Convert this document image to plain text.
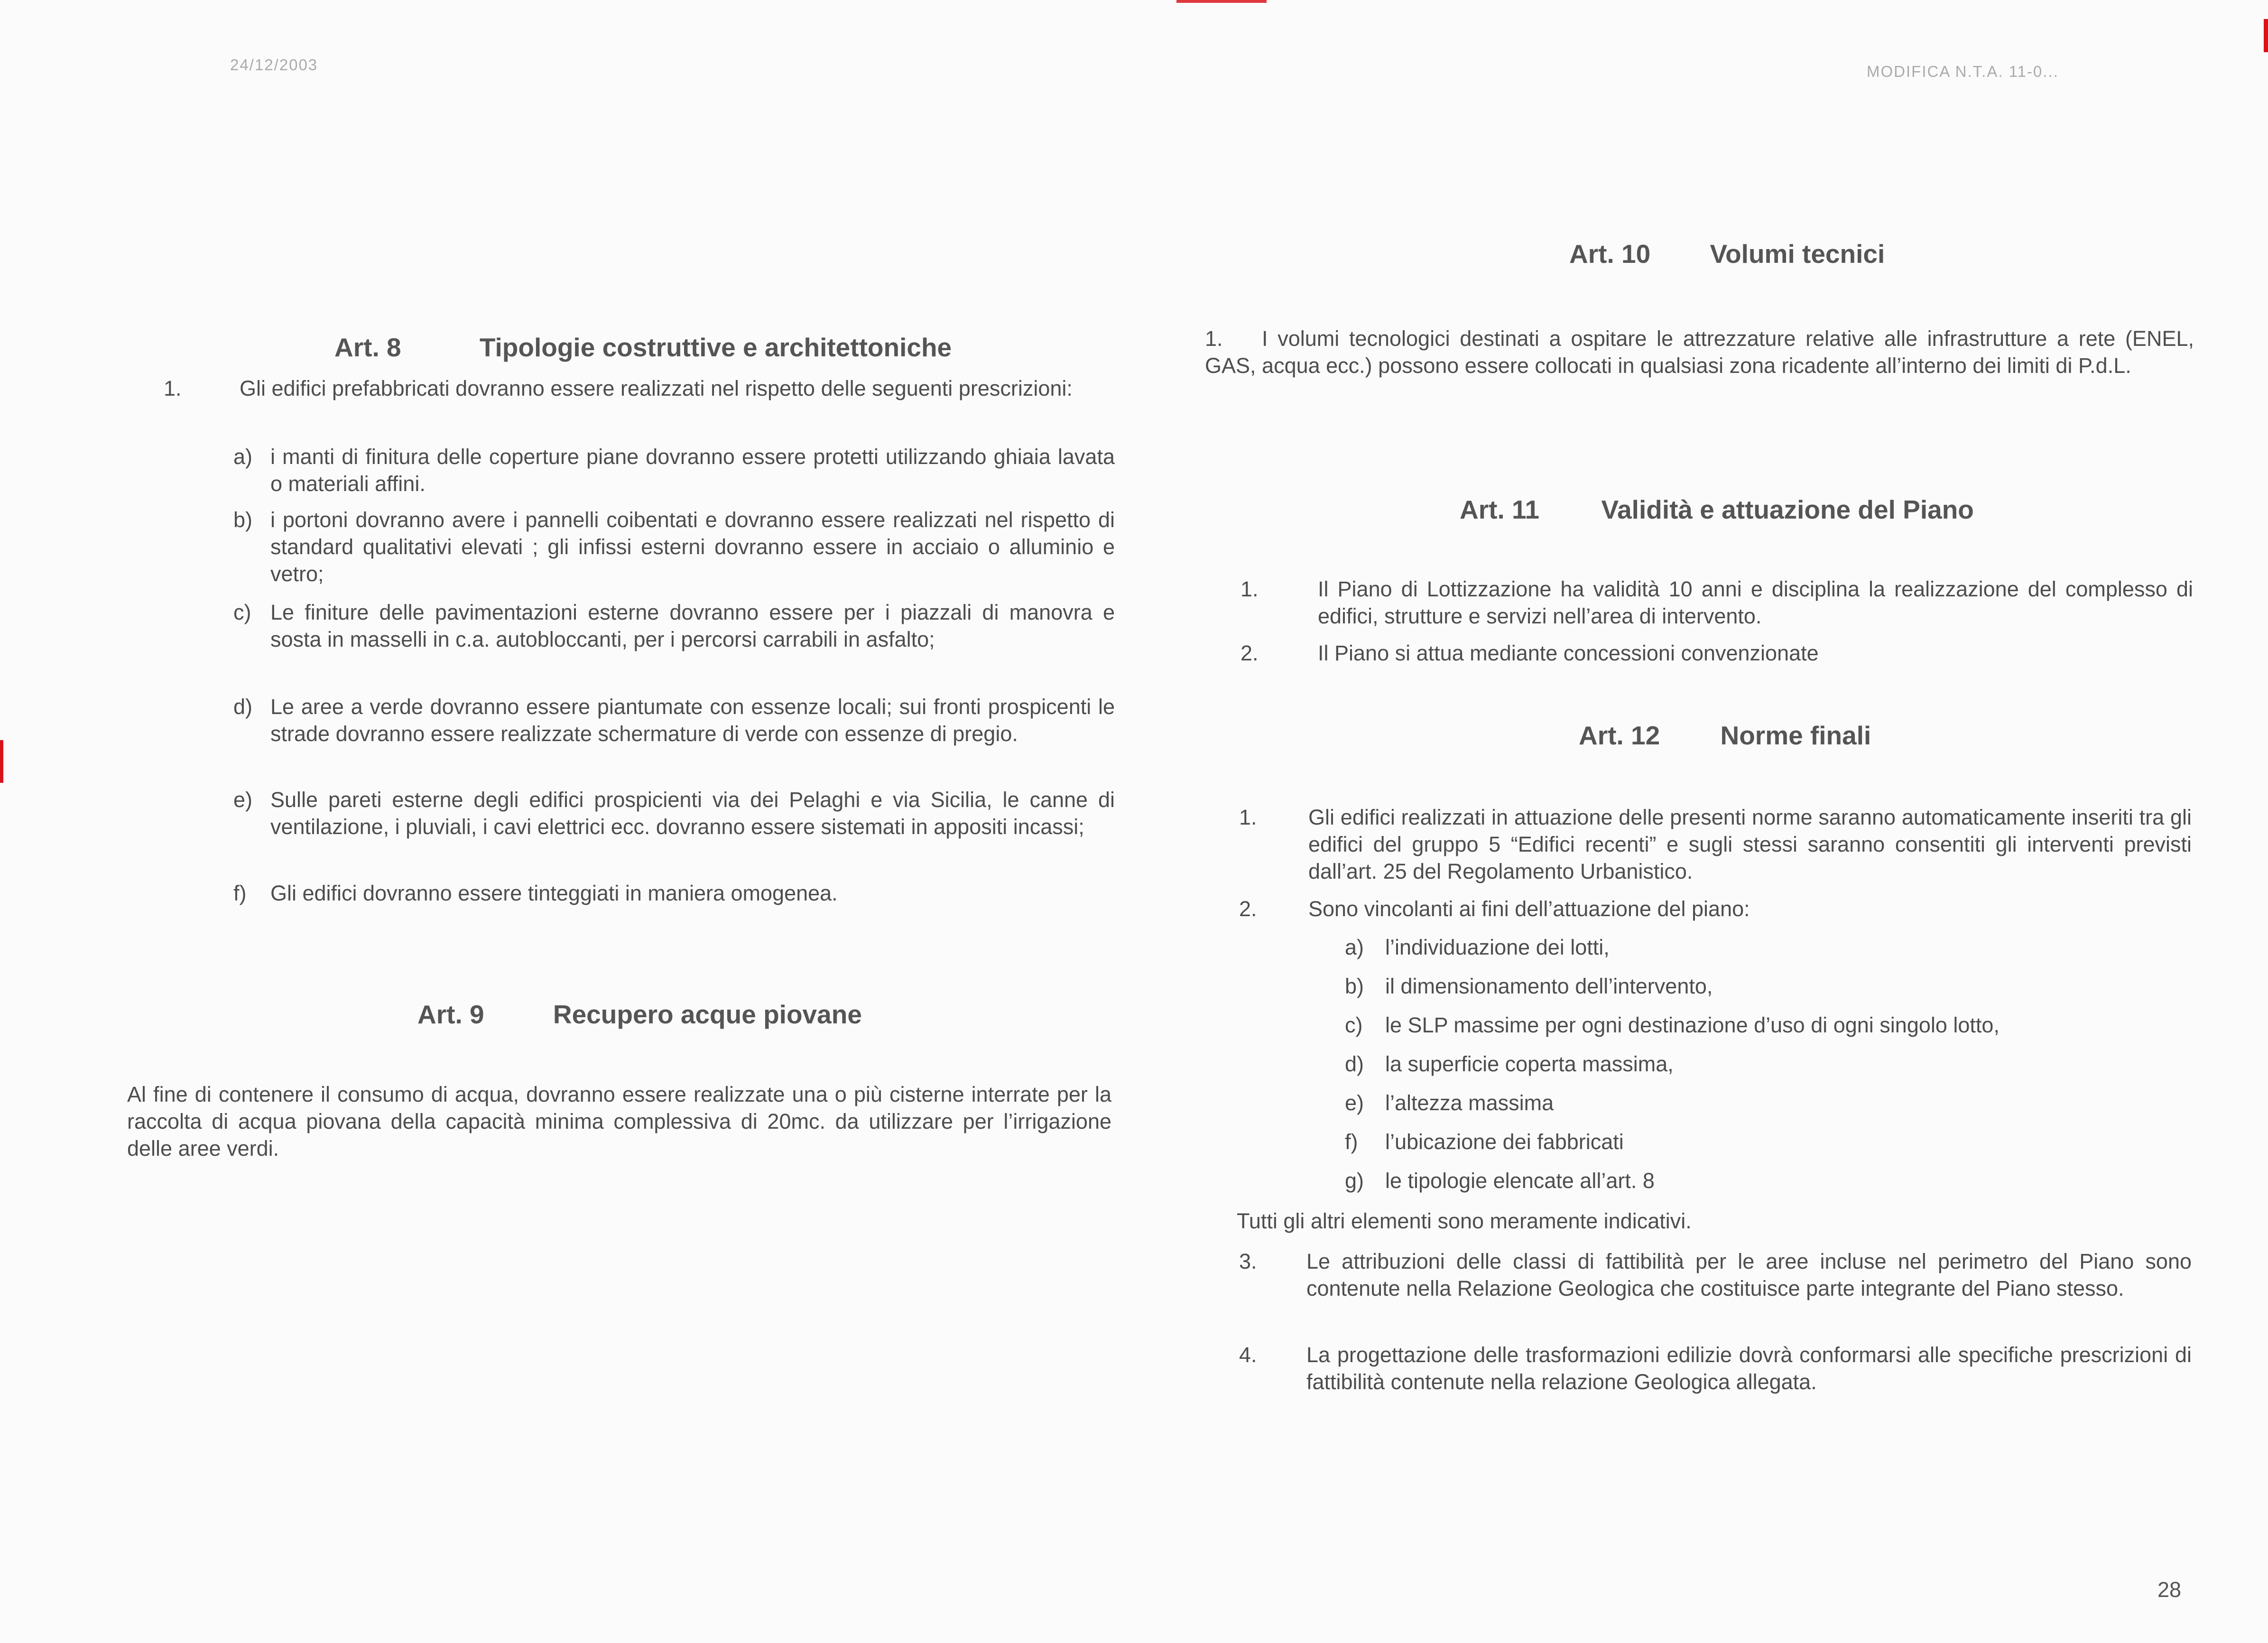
24/12/2003	MODIFICA N.T.A. 11-0...
Art. 8	Tipologie costruttive e architettoniche
1.	Gli edifici prefabbricati dovranno essere realizzati nel rispetto delle seguenti prescrizioni:
a) i manti di finitura delle coperture piane dovranno essere protetti utilizzando ghiaia lavata o materiali affini.
b) i portoni dovranno avere i pannelli coibentati e dovranno essere realizzati nel rispetto di standard qualitativi elevati ; gli infissi esterni dovranno essere in acciaio o alluminio e vetro;
c) Le finiture delle pavimentazioni esterne dovranno essere per i piazzali di manovra e sosta in masselli in c.a. autobloccanti, per i percorsi carrabili in asfalto;
d) Le aree a verde dovranno essere piantumate con essenze locali; sui fronti prospicenti le strade dovranno essere realizzate schermature di verde con essenze di pregio.
e) Sulle pareti esterne degli edifici prospicienti via dei Pelaghi e via Sicilia, le canne di ventilazione, i pluviali, i cavi elettrici ecc. dovranno essere sistemati in appositi incassi;
f) Gli edifici dovranno essere tinteggiati in maniera omogenea.
Art. 9	Recupero acque piovane
Al fine di contenere il consumo di acqua, dovranno essere realizzate una o più cisterne interrate per la raccolta di acqua piovana della capacità minima complessiva di 20mc. da utilizzare per l’irrigazione delle aree verdi.
Art. 10 Volumi tecnici
1. I volumi tecnologici destinati a ospitare le attrezzature relative alle infrastrutture a rete (ENEL, GAS, acqua ecc.) possono essere collocati in qualsiasi zona ricadente all’interno dei limiti di P.d.L.
Art. 11 Validità e attuazione del Piano
1.	Il Piano di Lottizzazione ha validità 10 anni e disciplina la realizzazione del complesso di edifici, strutture e servizi nell’area di intervento.
2.	Il Piano si attua mediante concessioni convenzionate
Art. 12 Norme finali
1. Gli edifici realizzati in attuazione delle presenti norme saranno automaticamente inseriti tra gli edifici del gruppo 5 “Edifici recenti” e sugli stessi saranno consentiti gli interventi previsti dall’art. 25 del Regolamento Urbanistico.
2. Sono vincolanti ai fini dell’attuazione del piano:
a) l’individuazione dei lotti,
b) il dimensionamento dell’intervento,
c) le SLP massime per ogni destinazione d’uso di ogni singolo lotto,
d) la superficie coperta massima,
e) l’altezza massima
f) l’ubicazione dei fabbricati
g) le tipologie elencate all’art. 8
Tutti gli altri elementi sono meramente indicativi.
3. Le attribuzioni delle classi di fattibilità per le aree incluse nel perimetro del Piano sono contenute nella Relazione Geologica che costituisce parte integrante del Piano stesso.
4. La progettazione delle trasformazioni edilizie dovrà conformarsi alle specifiche prescrizioni di fattibilità contenute nella relazione Geologica allegata.
28
